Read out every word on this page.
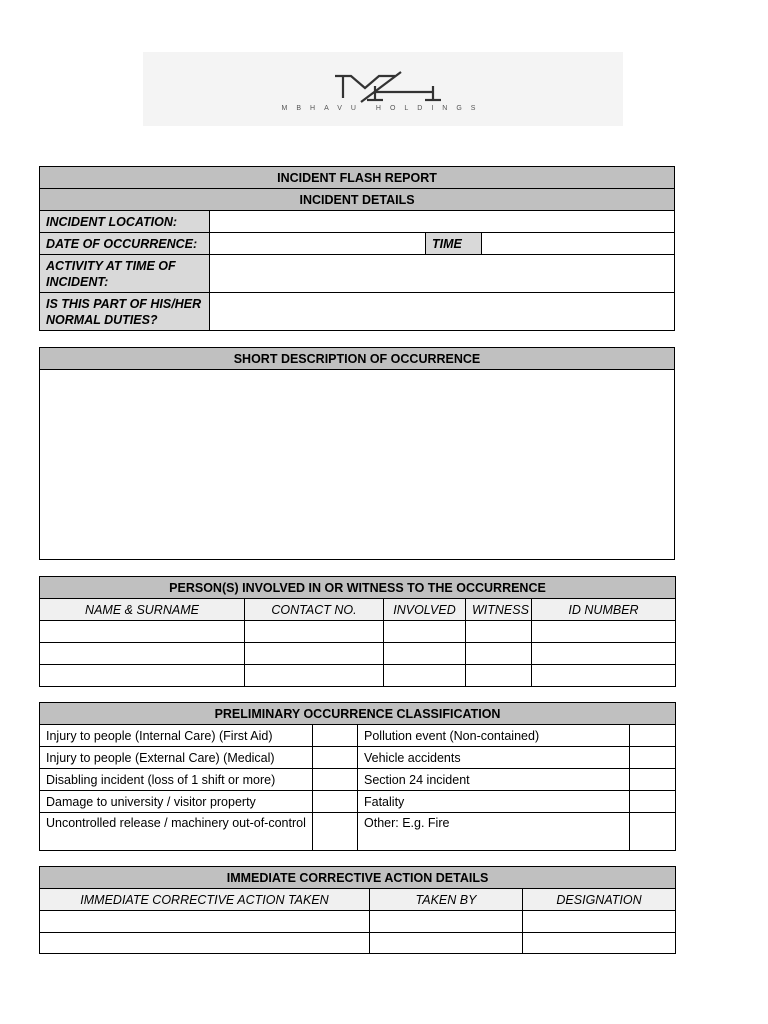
MBHAVU HOLDINGS
INCIDENT FLASH REPORT			
INCIDENT DETAILS			
INCIDENT LOCATION:			
DATE OF OCCURRENCE:		TIME	
ACTIVITY AT TIME OF INCIDENT:			
IS THIS PART OF HIS/HER NORMAL DUTIES?			
SHORT DESCRIPTION OF OCCURRENCE

PERSON(S) INVOLVED IN OR WITNESS TO THE OCCURRENCE				
NAME & SURNAME	CONTACT NO.	INVOLVED	WITNESS	ID NUMBER

PRELIMINARY OCCURRENCE CLASSIFICATION			
Injury to people (Internal Care) (First Aid)		Pollution event (Non-contained)	
Injury to people (External Care) (Medical)		Vehicle accidents	
Disabling incident (loss of 1 shift or more)		Section 24 incident	
Damage to university / visitor property		Fatality	
Uncontrolled release / machinery out-of-control		Other: E.g. Fire	
IMMEDIATE CORRECTIVE ACTION DETAILS		
IMMEDIATE CORRECTIVE ACTION TAKEN	TAKEN BY	DESIGNATION
